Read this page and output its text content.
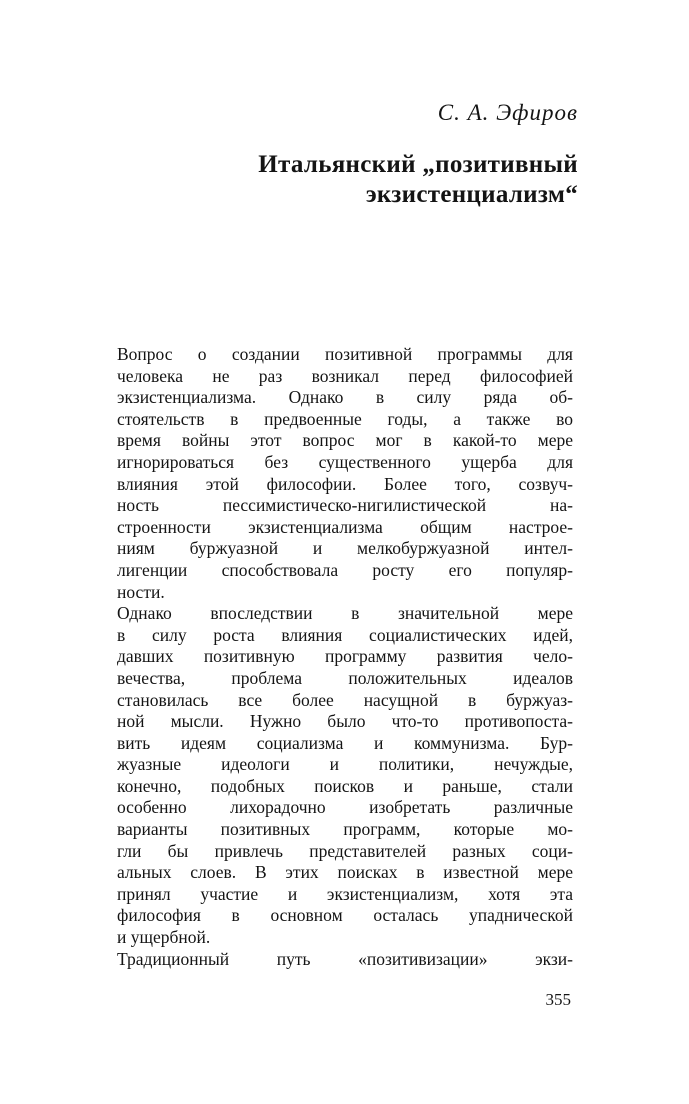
С. А. Эфиров
Итальянский „позитивный
экзистенциализм“
Вопрос о создании позитивной программы для
человека не раз возникал перед философией
экзистенциализма. Однако в силу ряда об-
стоятельств в предвоенные годы, а также во
время войны этот вопрос мог в какой-то мере
игнорироваться без существенного ущерба для
влияния этой философии. Более того, созвуч-
ность пессимистическо-нигилистической на-
строенности экзистенциализма общим настрое-
ниям буржуазной и мелкобуржуазной интел-
лигенции способствовала росту его популяр-
ности.
Однако впоследствии в значительной мере
в силу роста влияния социалистических идей,
давших позитивную программу развития чело-
вечества, проблема положительных идеалов
становилась все более насущной в буржуаз-
ной мысли. Нужно было что-то противопоста-
вить идеям социализма и коммунизма. Бур-
жуазные идеологи и политики, нечуждые,
конечно, подобных поисков и раньше, стали
особенно лихорадочно изобретать различные
варианты позитивных программ, которые мо-
гли бы привлечь представителей разных соци-
альных слоев. В этих поисках в известной мере
принял участие и экзистенциализм, хотя эта
философия в основном осталась упаднической
и ущербной.
Традиционный путь «позитивизации» экзи-
355
